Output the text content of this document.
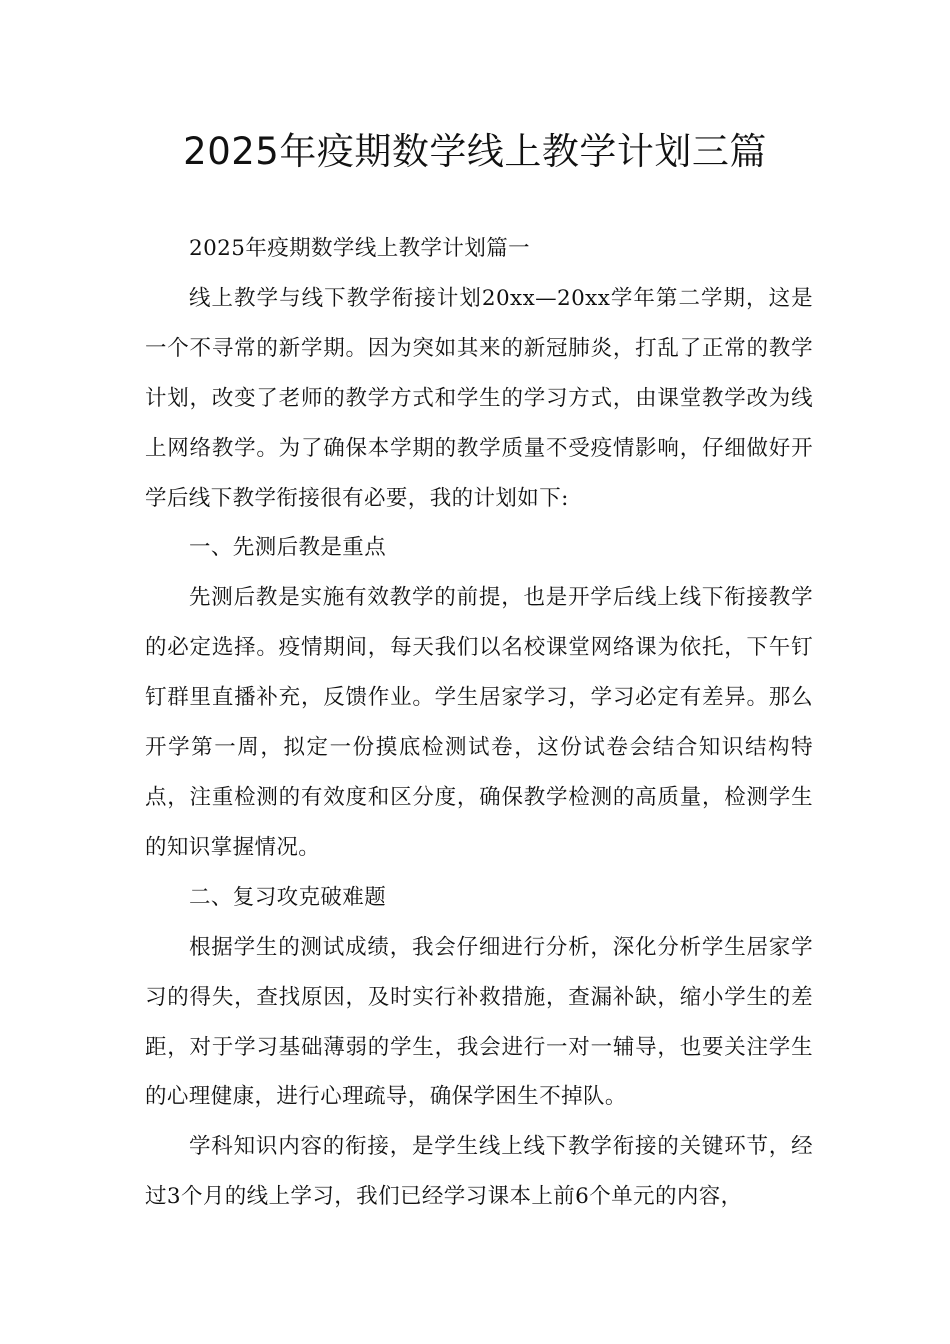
2025年疫期数学线上教学计划三篇

2025年疫期数学线上教学计划篇一

线上教学与线下教学衔接计划20xx—20xx学年第二学期，这是一个不寻常的新学期。因为突如其来的新冠肺炎，打乱了正常的教学计划，改变了老师的教学方式和学生的学习方式，由课堂教学改为线上网络教学。为了确保本学期的教学质量不受疫情影响，仔细做好开学后线下教学衔接很有必要，我的计划如下:

一、先测后教是重点

先测后教是实施有效教学的前提，也是开学后线上线下衔接教学的必定选择。疫情期间，每天我们以名校课堂网络课为依托，下午钉钉群里直播补充，反馈作业。学生居家学习，学习必定有差异。那么开学第一周，拟定一份摸底检测试卷，这份试卷会结合知识结构特点，注重检测的有效度和区分度，确保教学检测的高质量，检测学生的知识掌握情况。

二、复习攻克破难题

根据学生的测试成绩，我会仔细进行分析，深化分析学生居家学习的得失，查找原因，及时实行补救措施，查漏补缺，缩小学生的差距，对于学习基础薄弱的学生，我会进行一对一辅导，也要关注学生的心理健康，进行心理疏导，确保学困生不掉队。

学科知识内容的衔接，是学生线上线下教学衔接的关键环节，经过3个月的线上学习，我们已经学习课本上前6个单元的内容，
